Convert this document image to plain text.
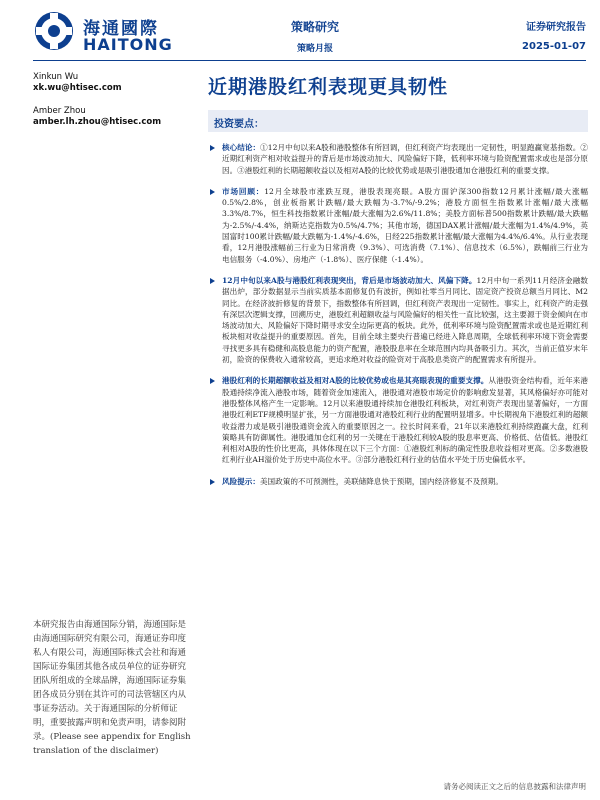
海通國際
HAITONG
策略研究
策略月报
证券研究报告
2025-01-07
Xinkun Wu
xk.wu@htisec.com
Amber Zhou
amber.lh.zhou@htisec.com
近期港股红利表现更具韧性
投资要点：

核心结论：①12月中旬以来A股和港股整体有所回调，但红利资产均表现出一定韧性，明显跑赢宽基指数。②近期红利资产相对收益提升的背后是市场波动加大、风险偏好下降，低利率环境与险资配置需求或也是部分原因。③港股红利的长期超额收益以及相对A股的比较优势或是吸引港股通加仓港股红利的重要支撑。

市场回顾：12月全球股市涨跌互现，港股表现亮眼。A股方面沪深300指数12月累计涨幅/最大涨幅0.5%/2.8%，创业板指累计跌幅/最大跌幅为-3.7%/-9.2%；港股方面恒生指数累计涨幅/最大涨幅3.3%/8.7%，恒生科技指数累计涨幅/最大涨幅为2.6%/11.8%；美股方面标普500指数累计跌幅/最大跌幅为-2.5%/-4.4%，纳斯达克指数为0.5%/4.7%；其他市场，德国DAX累计涨幅/最大涨幅为1.4%/4.9%，英国富时100累计跌幅/最大跌幅为-1.4%/-4.6%，日经225指数累计涨幅/最大涨幅为4.4%/6.4%。从行业表现看，12月港股涨幅前三行业为日常消费（9.3%）、可选消费（7.1%）、信息技术（6.5%），跌幅前三行业为电信服务（-4.0%）、房地产（-1.8%）、医疗保健（-1.4%）。

12月中旬以来A股与港股红利表现突出，背后是市场波动加大、风偏下降。12月中旬一系列11月经济金融数据出炉，部分数据显示当前实质基本面修复仍有波折，例如社零当月同比、固定资产投资总额当月同比、M2同比。在经济波折修复的背景下，指数整体有所回调，但红利资产表现出一定韧性。事实上，红利资产的走强有深层次逻辑支撑，回溯历史，港股红利超额收益与风险偏好的相关性一直比较强，这主要源于资金倾向在市场波动加大、风险偏好下降时期寻求安全边际更高的板块。此外，低利率环境与险资配置需求或也是近期红利板块相对收益提升的重要原因。首先，目前全球主要央行普遍已经进入降息周期，全球低利率环境下资金需要寻找更多具有稳健和高股息能力的资产配置，港股股息率在全球范围内均具备吸引力。其次，当前正值岁末年初，险资的保费收入通常较高，更追求绝对收益的险资对于高股息类资产的配置需求有所提升。

港股红利的长期超额收益及相对A股的比较优势或也是其亮眼表现的重要支撑。从港股资金结构看，近年来港股通持续净流入港股市场，随着资金加速流入，港股通对港股市场定价的影响愈发显著，其风格偏好亦可能对港股整体风格产生一定影响。12月以来港股通持续加仓港股红利板块，对红利资产表现出显著偏好，一方面港股红利ETF规模明显扩张，另一方面港股通对港股红利行业的配置明显增多。中长期视角下港股红利的超额收益潜力或是吸引港股通资金流入的重要原因之一。拉长时间来看，21年以来港股红利持续跑赢大盘，红利策略具有防御属性。港股通加仓红利的另一关键在于港股红利较A股的股息率更高、价格低、估值低。港股红利相对A股的性价比更高，具体体现在以下三个方面：①港股红利标的确定性股息收益相对更高。②多数港股红利行业AH溢价处于历史中高位水平。③部分港股红利行业的估值水平处于历史偏低水平。

风险提示：美国政策的不可预测性，美联储降息快于预期，国内经济修复不及预期。

本研究报告由海通国际分销，海通国际是由海通国际研究有限公司，海通证券印度私人有限公司，海通国际株式会社和海通国际证券集团其他各成员单位的证券研究团队所组成的全球品牌，海通国际证券集团各成员分别在其许可的司法管辖区内从事证券活动。关于海通国际的分析师证明，重要披露声明和免责声明，请参阅附录。(Please see appendix for English translation of the disclaimer)
请务必阅读正文之后的信息披露和法律声明
